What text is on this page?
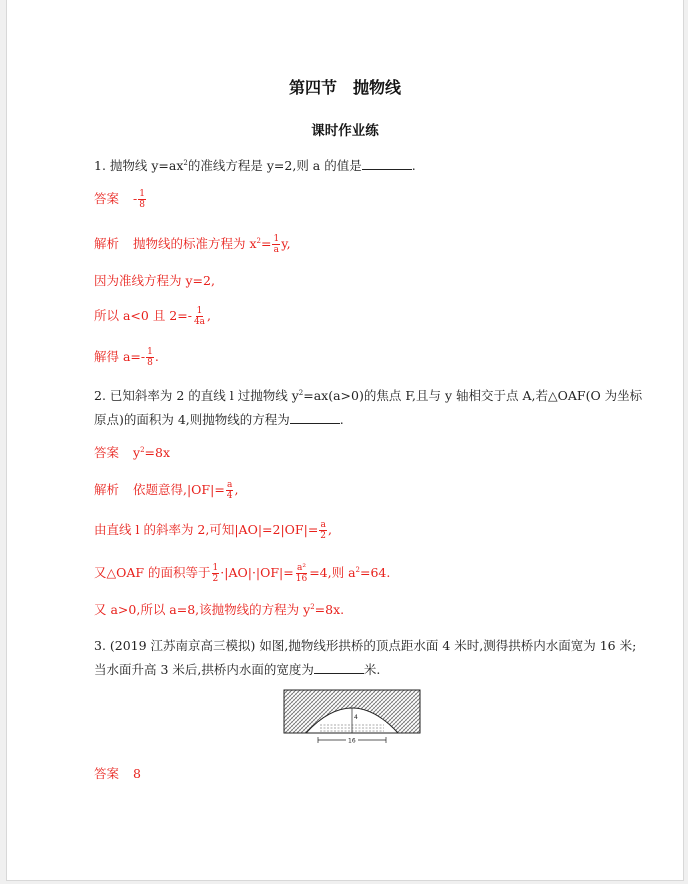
第四节　抛物线
课时作业练
1. 抛物线 $y=ax^2$的准线方程是 y=2,则 a 的值是	.
答案 - $\frac{1}{8}$
解析 抛物线的标准方程为 $x^2= \frac{1}{a} y$,
因为准线方程为 y=2,
所以 a<0 且 $2=- \frac{1}{4a}$ ,
解得 $a=- \frac{1}{8}$ .
2. 已知斜率为 2 的直线 l 过抛物线 $y^2=ax(a>0)$的焦点 F,且与 y 轴相交于点 A,若△OAF(O 为坐标
原点)的面积为 4,则抛物线的方程为	.
答案 $y^2=8x$
解析 依题意得$,|OF|= \frac{a}{4}$ ,
由直线 l 的斜率为 2,可知$|AO|=2|OF|= \frac{a}{2}$ ,
又△OAF 的面积等于 $\frac{1}{2} \cdot|AO|\cdot|OF|= \frac{\text{a²}}{16} =4$,则 $a^2=64$.
又 a>0,所以 a=8,该抛物线的方程为 $y^2=8x$.
3. (2019 江苏南京高三模拟) 如图,抛物线形拱桥的顶点距水面 4 米时,测得拱桥内水面宽为 16 米;
当水面升高 3 米后,拱桥内水面的宽度为	米.
4
16
答案 8
